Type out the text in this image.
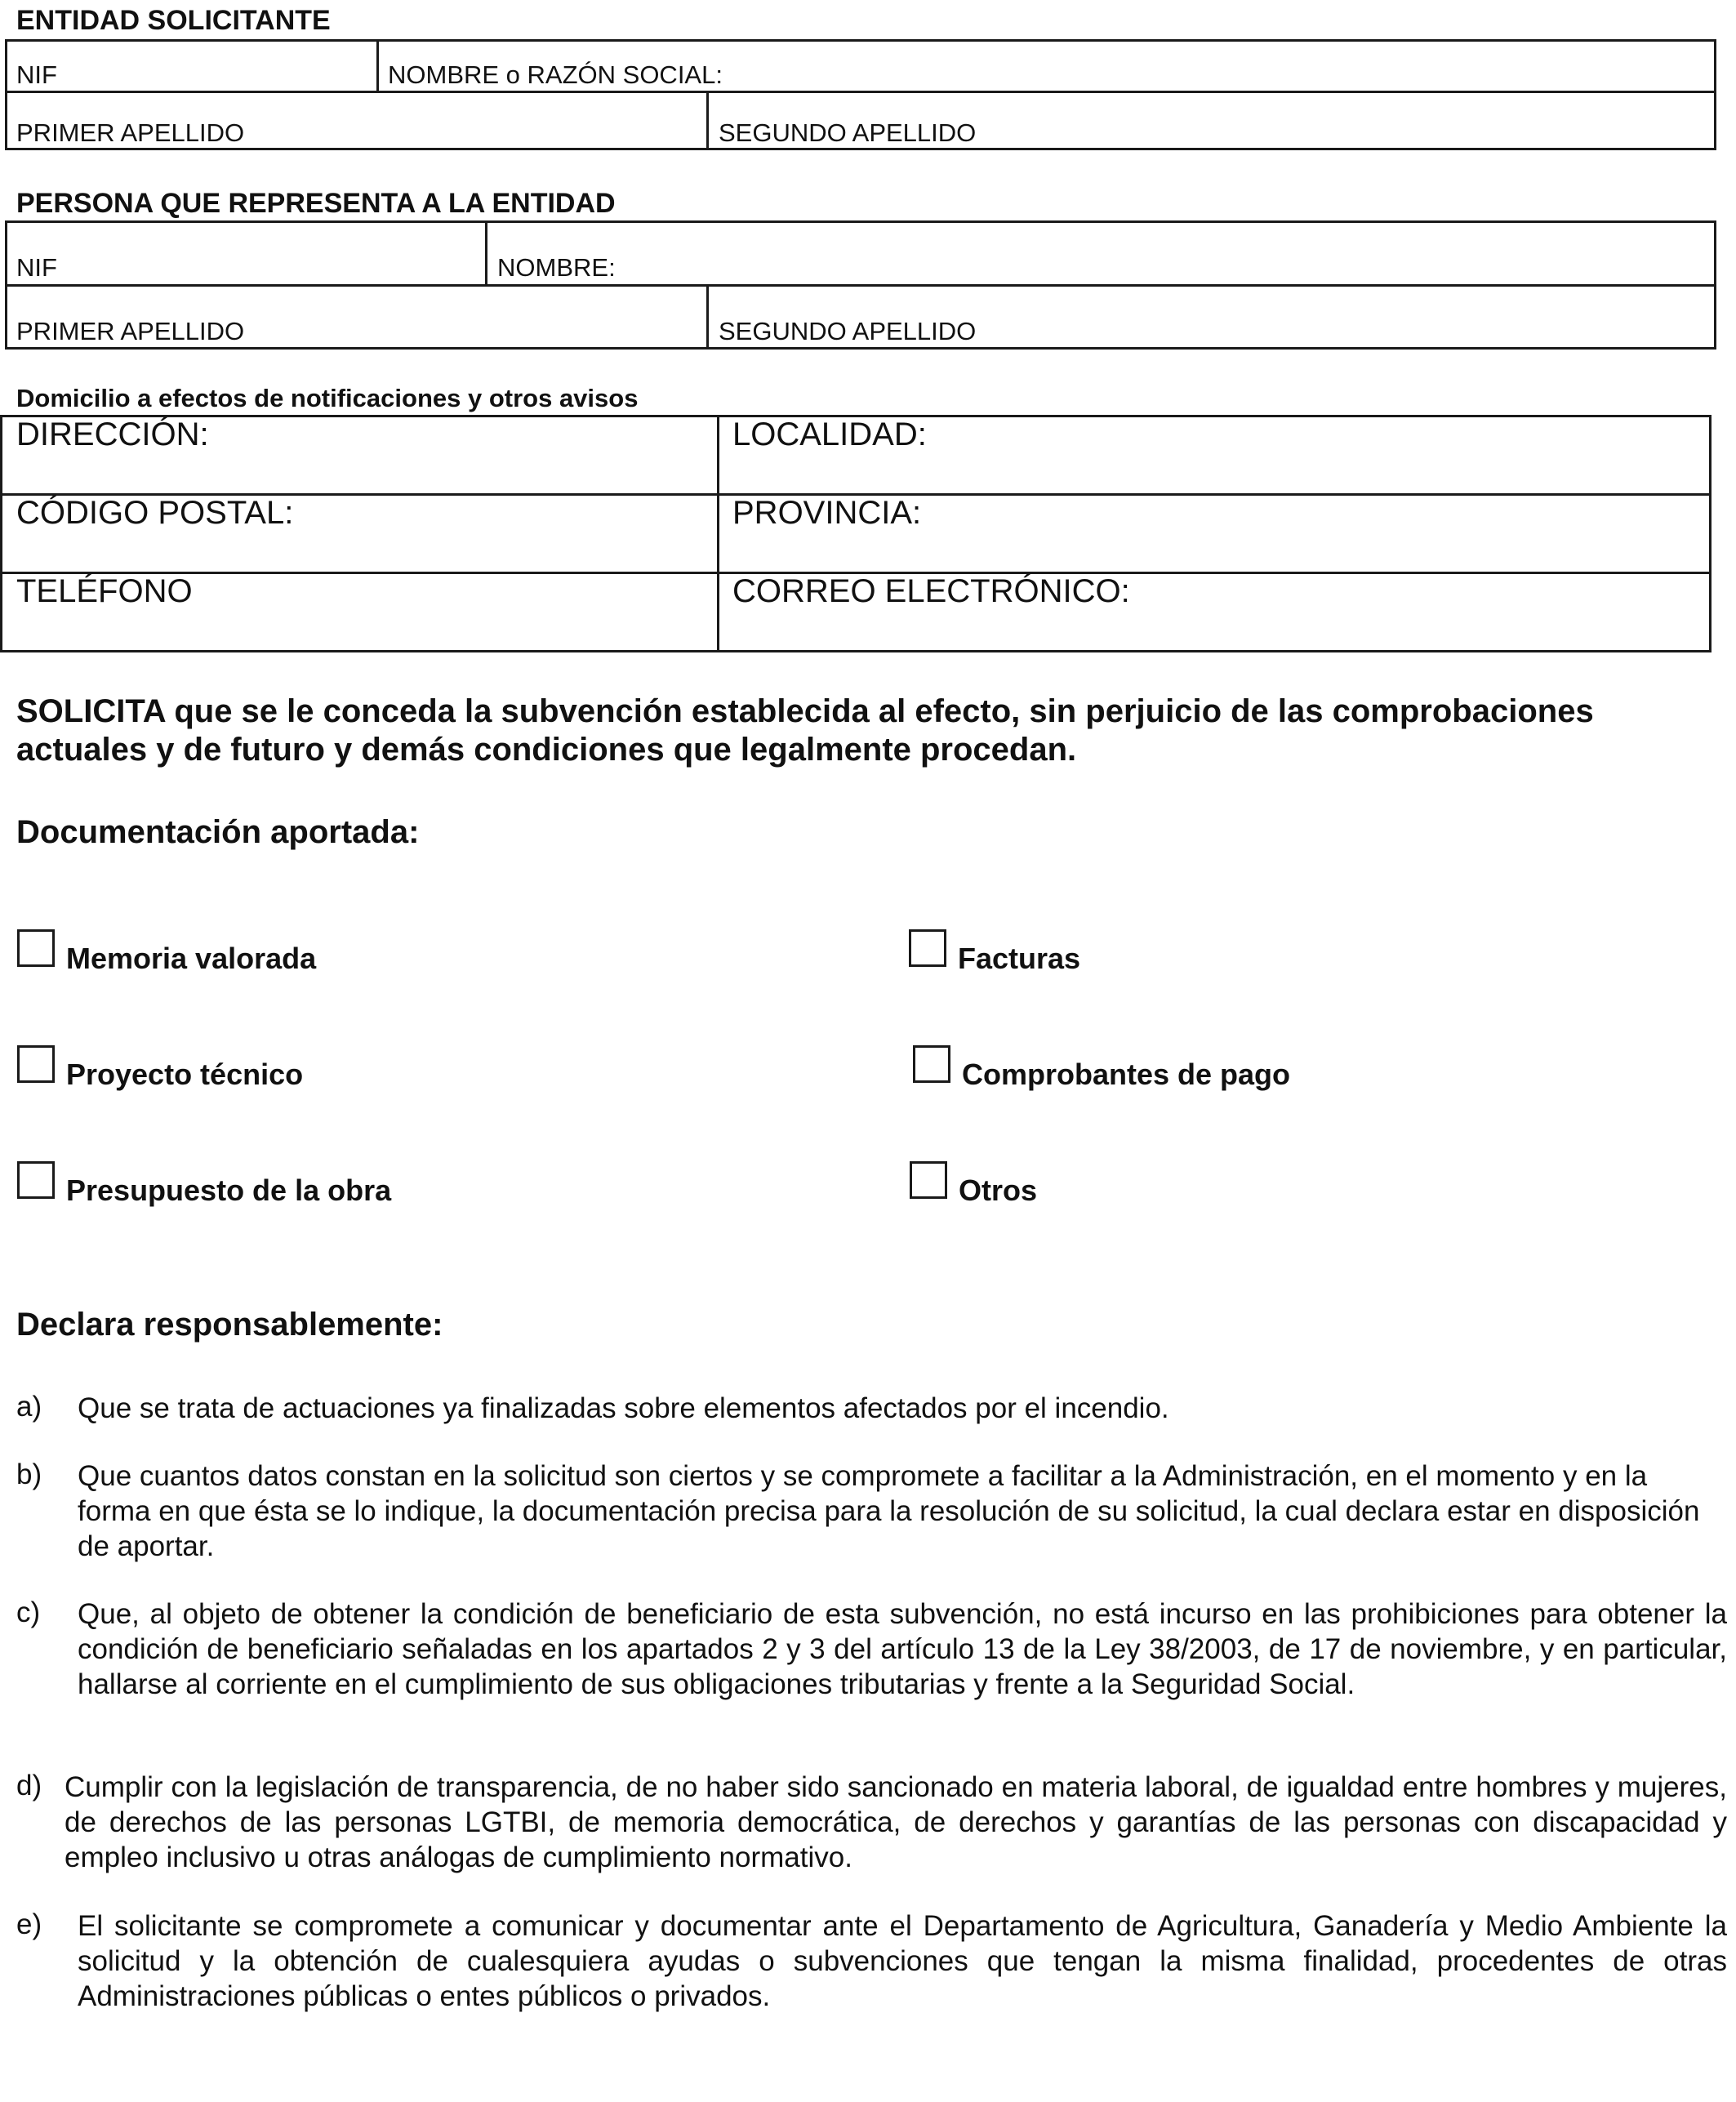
ENTIDAD SOLICITANTE
NIF	NOMBRE o RAZÓN SOCIAL:
PRIMER APELLIDO	SEGUNDO APELLIDO
PERSONA QUE REPRESENTA A LA ENTIDAD
NIF	NOMBRE:
PRIMER APELLIDO	SEGUNDO APELLIDO
Domicilio a efectos de notificaciones y otros avisos
DIRECCIÓN:	LOCALIDAD:
CÓDIGO POSTAL:	PROVINCIA:
TELÉFONO	CORREO ELECTRÓNICO:
SOLICITA que se le conceda la subvención establecida al efecto, sin perjuicio de las comprobaciones actuales y de futuro y demás condiciones que legalmente procedan.
Documentación aportada:
Memoria valorada	Facturas
Proyecto técnico	Comprobantes de pago
Presupuesto de la obra	Otros
Declara responsablemente:
a) Que se trata de actuaciones ya finalizadas sobre elementos afectados por el incendio.
b) Que cuantos datos constan en la solicitud son ciertos y se compromete a facilitar a la Administración, en el momento y en la forma en que ésta se lo indique, la documentación precisa para la resolución de su solicitud, la cual declara estar en disposición de aportar.
c) Que, al objeto de obtener la condición de beneficiario de esta subvención, no está incurso en las prohibiciones para obtener la condición de beneficiario señaladas en los apartados 2 y 3 del artículo 13 de la Ley 38/2003, de 17 de noviembre, y en particular, hallarse al corriente en el cumplimiento de sus obligaciones tributarias y frente a la Seguridad Social.
d) Cumplir con la legislación de transparencia, de no haber sido sancionado en materia laboral, de igualdad entre hombres y mujeres, de derechos de las personas LGTBI, de memoria democrática, de derechos y garantías de las personas con discapacidad y empleo inclusivo u otras análogas de cumplimiento normativo.
e) El solicitante se compromete a comunicar y documentar ante el Departamento de Agricultura, Ganadería y Medio Ambiente la solicitud y la obtención de cualesquiera ayudas o subvenciones que tengan la misma finalidad, procedentes de otras Administraciones públicas o entes públicos o privados.
